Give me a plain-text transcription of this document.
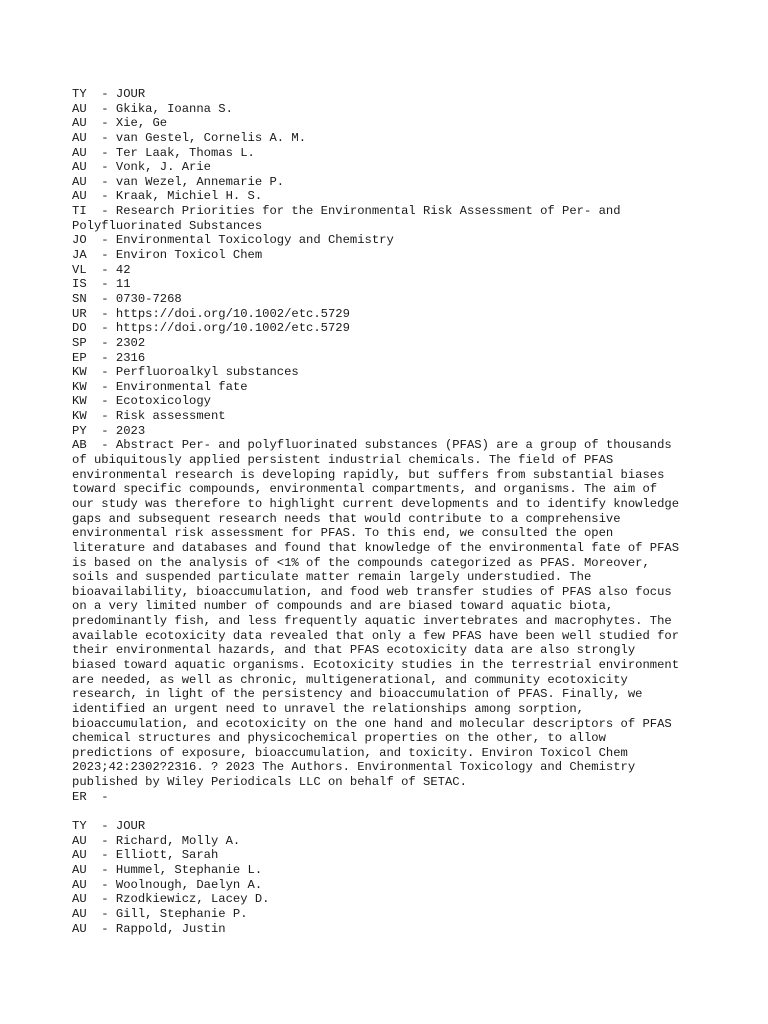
TY  - JOUR
AU  - Gkika, Ioanna S.
AU  - Xie, Ge
AU  - van Gestel, Cornelis A. M.
AU  - Ter Laak, Thomas L.
AU  - Vonk, J. Arie
AU  - van Wezel, Annemarie P.
AU  - Kraak, Michiel H. S.
TI  - Research Priorities for the Environmental Risk Assessment of Per- and
Polyfluorinated Substances
JO  - Environmental Toxicology and Chemistry
JA  - Environ Toxicol Chem
VL  - 42
IS  - 11
SN  - 0730-7268
UR  - https://doi.org/10.1002/etc.5729
DO  - https://doi.org/10.1002/etc.5729
SP  - 2302
EP  - 2316
KW  - Perfluoroalkyl substances
KW  - Environmental fate
KW  - Ecotoxicology
KW  - Risk assessment
PY  - 2023
AB  - Abstract Per- and polyfluorinated substances (PFAS) are a group of thousands
of ubiquitously applied persistent industrial chemicals. The field of PFAS
environmental research is developing rapidly, but suffers from substantial biases
toward specific compounds, environmental compartments, and organisms. The aim of
our study was therefore to highlight current developments and to identify knowledge
gaps and subsequent research needs that would contribute to a comprehensive
environmental risk assessment for PFAS. To this end, we consulted the open
literature and databases and found that knowledge of the environmental fate of PFAS
is based on the analysis of <1% of the compounds categorized as PFAS. Moreover,
soils and suspended particulate matter remain largely understudied. The
bioavailability, bioaccumulation, and food web transfer studies of PFAS also focus
on a very limited number of compounds and are biased toward aquatic biota,
predominantly fish, and less frequently aquatic invertebrates and macrophytes. The
available ecotoxicity data revealed that only a few PFAS have been well studied for
their environmental hazards, and that PFAS ecotoxicity data are also strongly
biased toward aquatic organisms. Ecotoxicity studies in the terrestrial environment
are needed, as well as chronic, multigenerational, and community ecotoxicity
research, in light of the persistency and bioaccumulation of PFAS. Finally, we
identified an urgent need to unravel the relationships among sorption,
bioaccumulation, and ecotoxicity on the one hand and molecular descriptors of PFAS
chemical structures and physicochemical properties on the other, to allow
predictions of exposure, bioaccumulation, and toxicity. Environ Toxicol Chem
2023;42:2302?2316. ? 2023 The Authors. Environmental Toxicology and Chemistry
published by Wiley Periodicals LLC on behalf of SETAC.
ER  -
TY  - JOUR
AU  - Richard, Molly A.
AU  - Elliott, Sarah
AU  - Hummel, Stephanie L.
AU  - Woolnough, Daelyn A.
AU  - Rzodkiewicz, Lacey D.
AU  - Gill, Stephanie P.
AU  - Rappold, Justin
